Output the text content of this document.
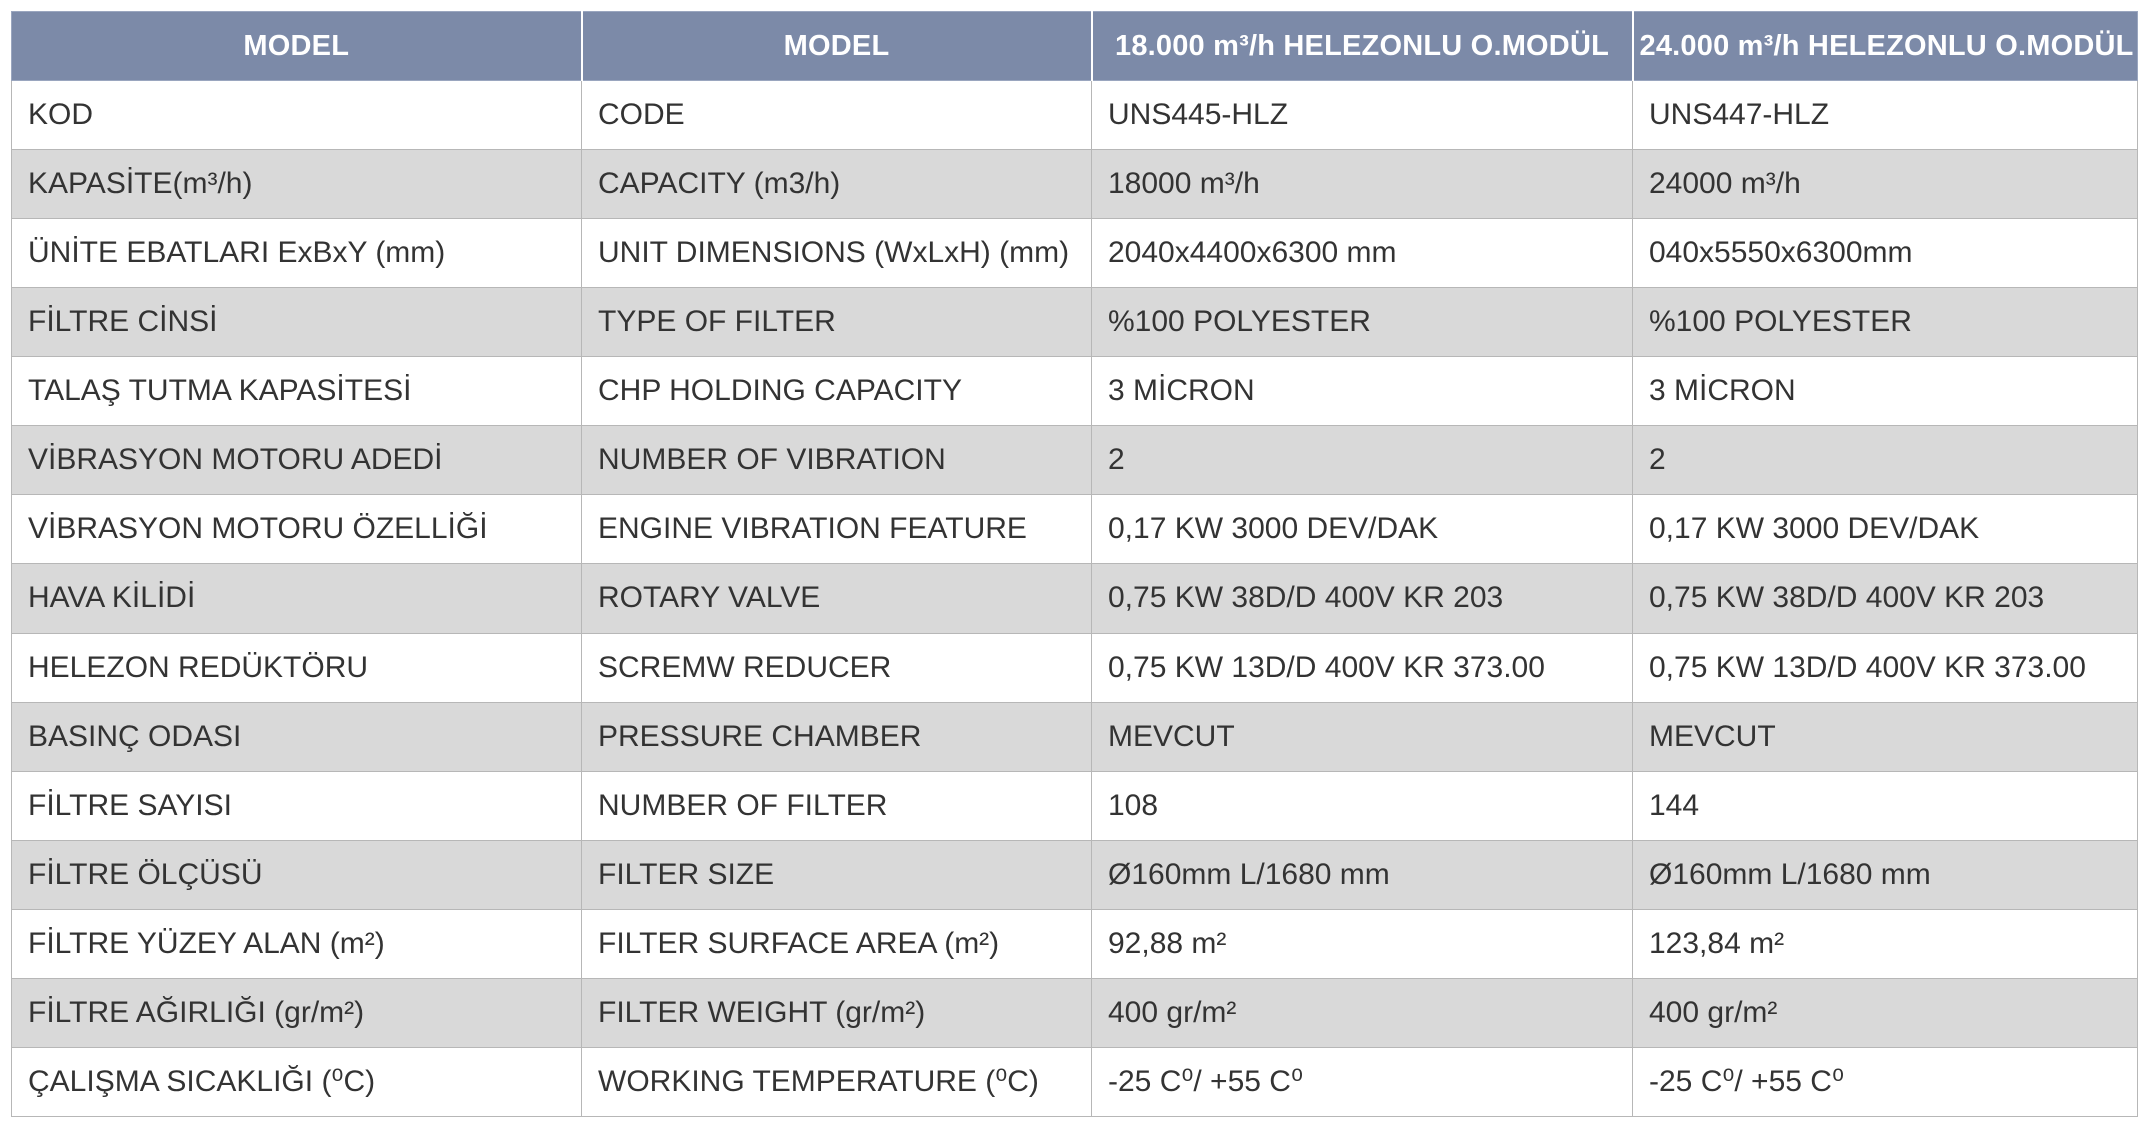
MODEL	MODEL	18.000 m³/h HELEZONLU O.MODÜL	24.000 m³/h HELEZONLU O.MODÜL
KOD	CODE	UNS445-HLZ	UNS447-HLZ
KAPASİTE(m³/h)	CAPACITY (m3/h)	18000 m³/h	24000 m³/h
ÜNİTE EBATLARI ExBxY (mm)	UNIT DIMENSIONS (WxLxH) (mm)	2040x4400x6300 mm	040x5550x6300mm
FİLTRE CİNSİ	TYPE OF FILTER	%100 POLYESTER	%100 POLYESTER
TALAŞ TUTMA KAPASİTESİ	CHP HOLDING CAPACITY	3 MİCRON	3 MİCRON
VİBRASYON MOTORU ADEDİ	NUMBER OF VIBRATION	2	2
VİBRASYON MOTORU ÖZELLİĞİ	ENGINE VIBRATION FEATURE	0,17 KW 3000 DEV/DAK	0,17 KW 3000 DEV/DAK
HAVA KİLİDİ	ROTARY VALVE	0,75 KW 38D/D 400V KR 203	0,75 KW 38D/D 400V KR 203
HELEZON REDÜKTÖRU	SCREMW REDUCER	0,75 KW 13D/D 400V KR 373.00	0,75 KW 13D/D 400V KR 373.00
BASINÇ ODASI	PRESSURE CHAMBER	MEVCUT	MEVCUT
FİLTRE SAYISI	NUMBER OF FILTER	108	144
FİLTRE ÖLÇÜSÜ	FILTER SIZE	Ø160mm L/1680 mm	Ø160mm L/1680 mm
FİLTRE YÜZEY ALAN (m²)	FILTER SURFACE AREA (m²)	92,88 m²	123,84 m²
FİLTRE AĞIRLIĞI (gr/m²)	FILTER WEIGHT (gr/m²)	400 gr/m²	400 gr/m²
ÇALIŞMA SICAKLIĞI (⁰C)	WORKING TEMPERATURE (⁰C)	-25 C⁰/ +55 C⁰	-25 C⁰/ +55 C⁰
